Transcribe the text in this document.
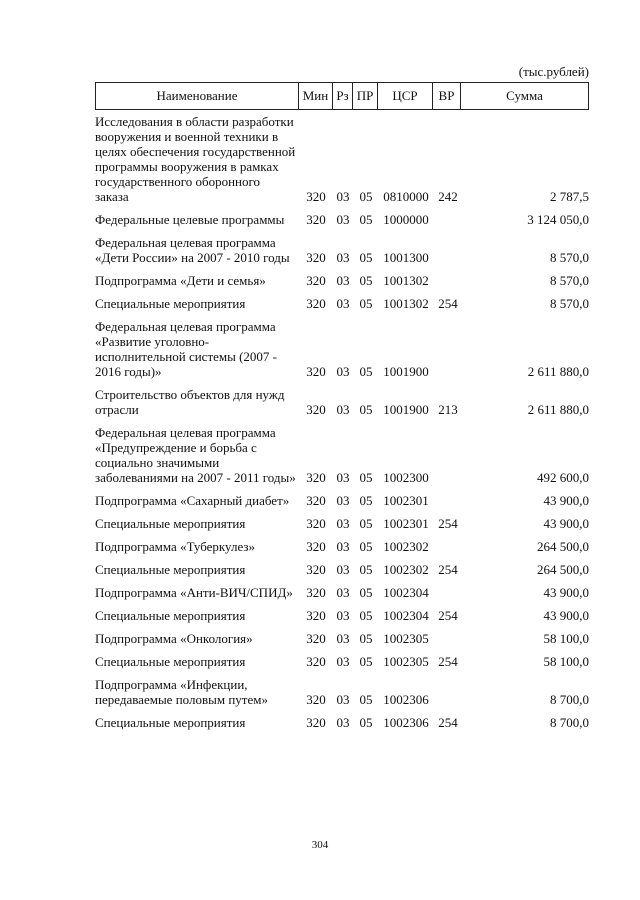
(тыс.рублей)
Наименование	Мин Рз ПР	ЦСР	ВР	Сумма
Исследования в области разработки вооружения и военной техники в целях обеспечения государственной программы вооружения в рамках государственного оборонного заказа	320 03 05 0810000 242	2 787,5
Федеральные целевые программы	320 03 05 1000000	3 124 050,0
Федеральная целевая программа «Дети России» на 2007 - 2010 годы	320 03 05 1001300	8 570,0
Подпрограмма «Дети и семья»	320 03 05 1001302	8 570,0
Специальные мероприятия	320 03 05 1001302 254	8 570,0
Федеральная целевая программа «Развитие уголовно-исполнительной системы (2007 - 2016 годы)»	320 03 05 1001900	2 611 880,0
Строительство объектов для нужд отрасли	320 03 05 1001900 213	2 611 880,0
Федеральная целевая программа «Предупреждение и борьба с социально значимыми заболеваниями на 2007 - 2011 годы» 320 03 05 1002300	492 600,0
Подпрограмма «Сахарный диабет»	320 03 05 1002301	43 900,0
Специальные мероприятия	320 03 05 1002301 254	43 900,0
Подпрограмма «Туберкулез»	320 03 05 1002302	264 500,0
Специальные мероприятия	320 03 05 1002302 254	264 500,0
Подпрограмма «Анти-ВИЧ/СПИД»	320 03 05 1002304	43 900,0
Специальные мероприятия	320 03 05 1002304 254	43 900,0
Подпрограмма «Онкология»	320 03 05 1002305	58 100,0
Специальные мероприятия	320 03 05 1002305 254	58 100,0
Подпрограмма «Инфекции, передаваемые половым путем»	320 03 05 1002306	8 700,0
Специальные мероприятия	320 03 05 1002306 254	8 700,0
304
